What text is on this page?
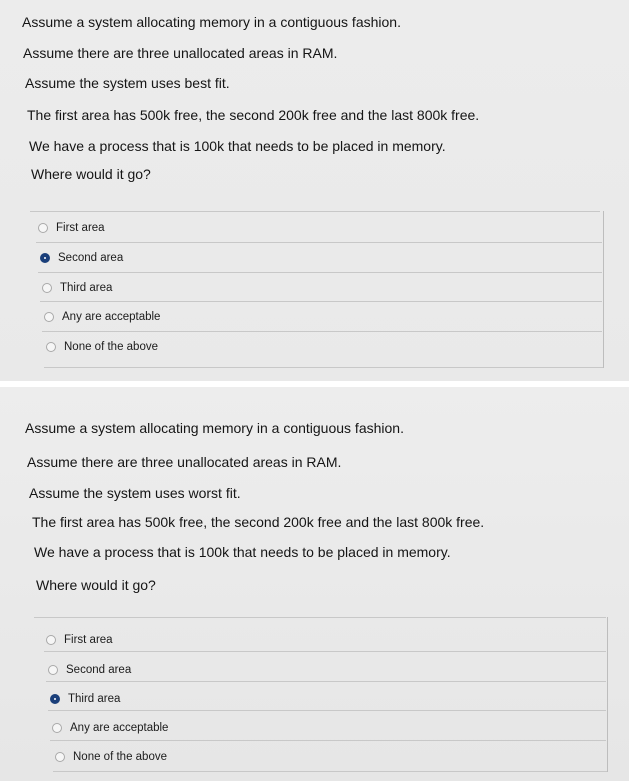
Assume a system allocating memory in a contiguous fashion.
Assume there are three unallocated areas in RAM.
Assume the system uses best fit.
The first area has 500k free, the second 200k free and the last 800k free.
We have a process that is 100k that needs to be placed in memory.
Where would it go?
First area
Second area
Third area
Any are acceptable
None of the above
Assume a system allocating memory in a contiguous fashion.
Assume there are three unallocated areas in RAM.
Assume the system uses worst fit.
The first area has 500k free, the second 200k free and the last 800k free.
We have a process that is 100k that needs to be placed in memory.
Where would it go?
First area
Second area
Third area
Any are acceptable
None of the above
